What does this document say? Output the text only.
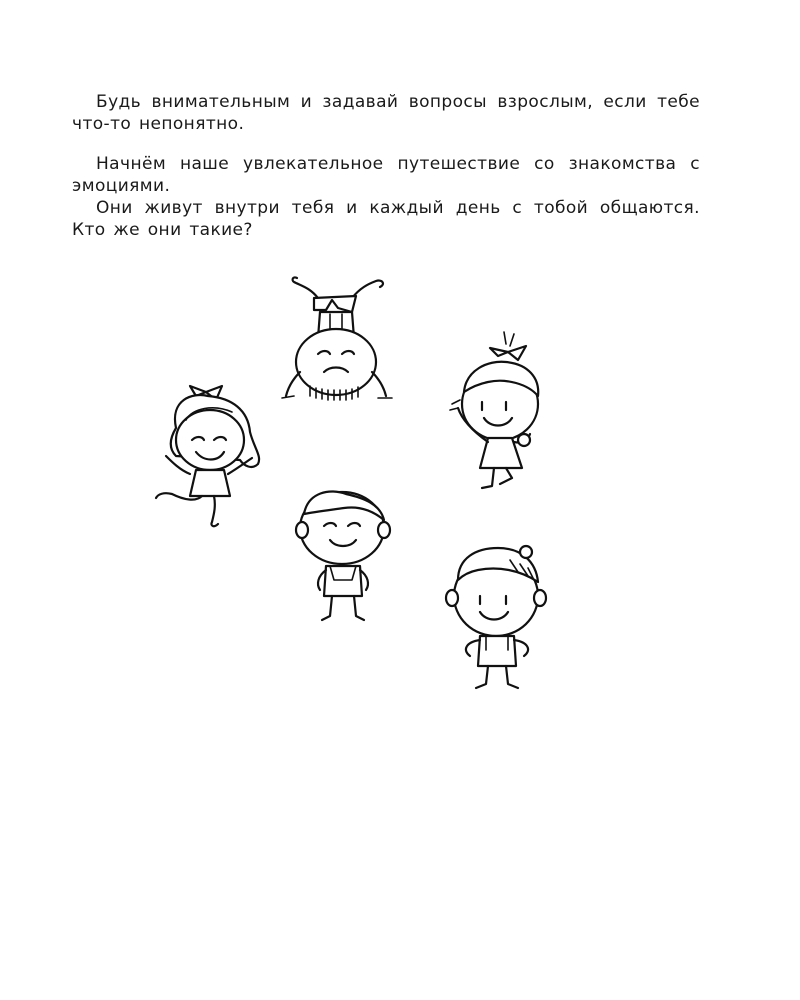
Будь внимательным и задавай вопросы взрослым, если тебе что-то непонятно.

Начнём наше увлекательное путешествие со знакомства с эмоциями.

Они живут внутри тебя и каждый день с тобой общаются. Кто же они такие?
